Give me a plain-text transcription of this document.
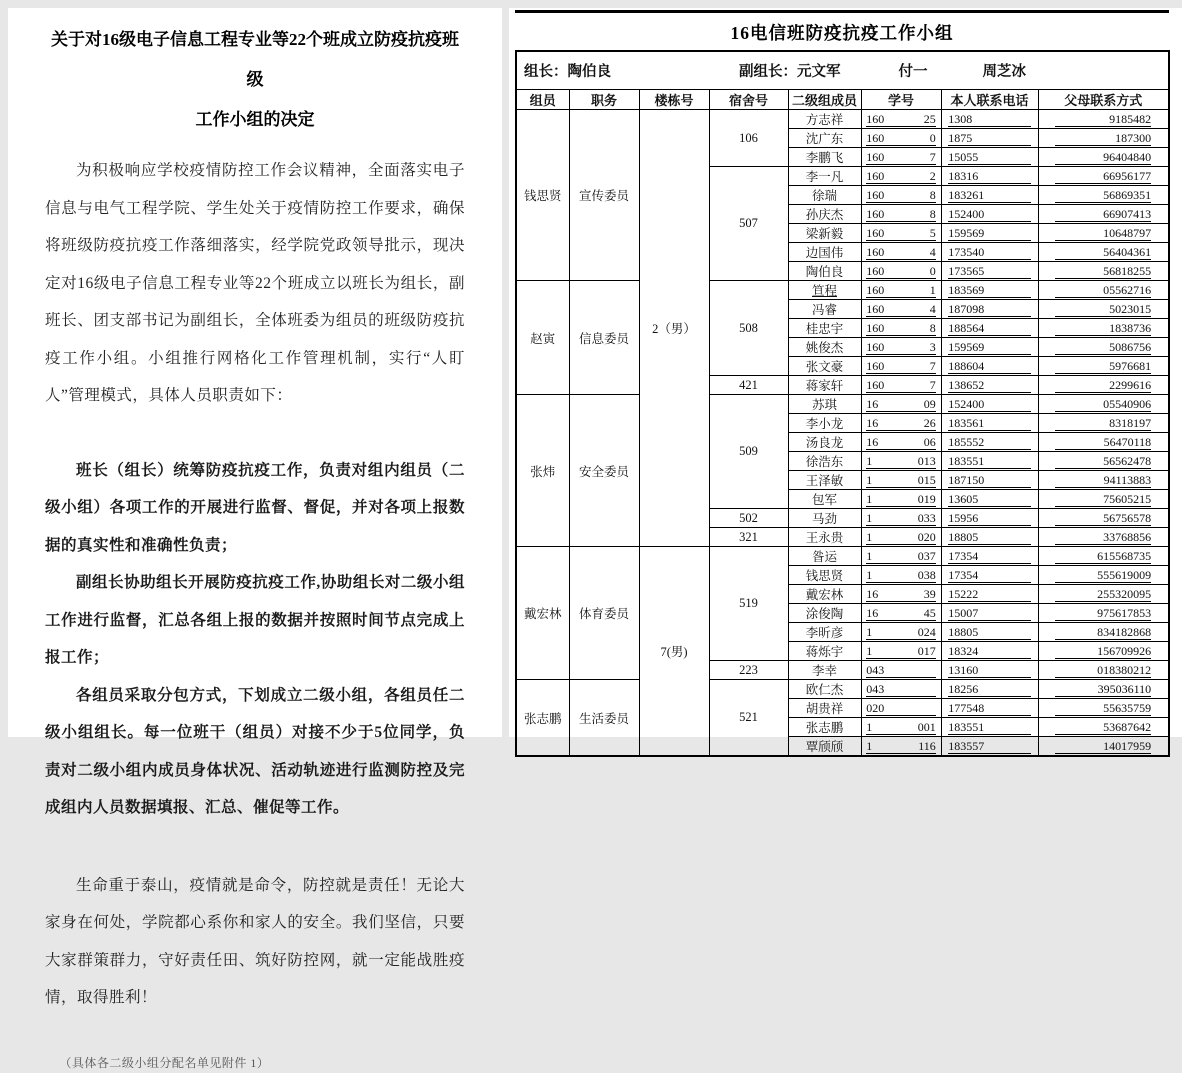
关于对16级电子信息工程专业等22个班成立防疫抗疫班级
工作小组的决定

为积极响应学校疫情防控工作会议精神，全面落实电子信息与电气工程学院、学生处关于疫情防控工作要求，确保将班级防疫抗疫工作落细落实，经学院党政领导批示，现决定对16级电子信息工程专业等22个班成立以班长为组长，副班长、团支部书记为副组长，全体班委为组员的班级防疫抗疫工作小组。小组推行网格化工作管理机制，实行“人盯人”管理模式，具体人员职责如下：

班长（组长）统筹防疫抗疫工作，负责对组内组员（二级小组）各项工作的开展进行监督、督促，并对各项上报数据的真实性和准确性负责；

副组长协助组长开展防疫抗疫工作,协助组长对二级小组工作进行监督，汇总各组上报的数据并按照时间节点完成上报工作；

各组员采取分包方式，下划成立二级小组，各组员任二级小组组长。每一位班干（组员）对接不少于5位同学，负责对二级小组内成员身体状况、活动轨迹进行监测防控及完成组内人员数据填报、汇总、催促等工作。

生命重于泰山，疫情就是命令，防控就是责任！无论大家身在何处，学院都心系你和家人的安全。我们坚信，只要大家群策群力，守好责任田、筑好防控网，就一定能战胜疫情，取得胜利！

（具体各二级小组分配名单见附件 1）

16电信班防疫抗疫工作小组
组长：陶伯良 副组长：元文军 付一 周芝冰							

组员	职务	楼栋号	宿舍号	二级组成员	学号	本人联系电话	父母联系方式
钱思贤	宣传委员	2（男）	106	方志祥	160 25	1308	9185482

				沈广东	160 0	1875	187300

				李鹏飞	160 7	15055	96404840

			507	李一凡	160 2	18316	66956177

				徐瑞	160 8	183261	56869351

				孙庆杰	160 8	152400	66907413

				梁新毅	160 5	159569	10648797

				边国伟	160 4	173540	56404361

				陶伯良	160 0	173565	56818255

赵寅	信息委员		508	笪程	160 1	183569	05562716

				冯睿	160 4	187098	5023015

				桂忠宇	160 8	188564	1838736

				姚俊杰	160 3	159569	5086756

				张文豪	160 7	188604	5976681

			421	蒋家轩	160 7	138652	2299616

张炜	安全委员		509	苏琪	16 09	152400	05540906

				李小龙	16 26	183561	8318197

				汤良龙	16 06	185552	56470118

				徐浩东	1 013	183551	56562478

				王泽敏	1 015	187150	94113883

				包军	1 019	13605	75605215

			502	马劲	1 033	15956	56756578

			321	王永贵	1 020	18805	33768856

戴宏林	体育委员	7(男)	519	昝运	1 037	17354	615568735

				钱思贤	1 038	17354	555619009

				戴宏林	16 39	15222	255320095

				涂俊陶	16 45	15007	975617853

				李昕彦	1 024	18805	834182868

				蒋烁宇	1 017	18324	156709926

			223	李幸	043	13160	018380212

张志鹏	生活委员		521	欧仁杰	043	18256	395036110

				胡贵祥	020	177548	55635759

				张志鹏	1 001	183551	53687642

				覃颀颀	1 116	183557	14017959
